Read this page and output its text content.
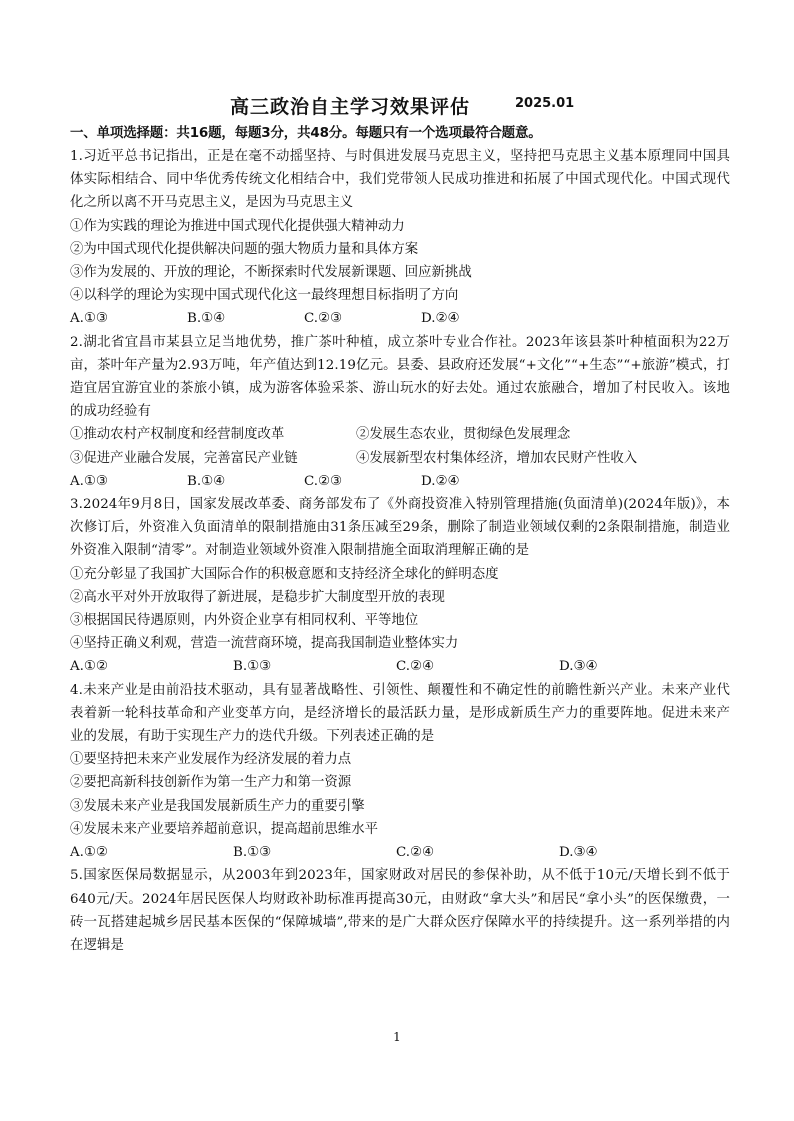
高三政治自主学习效果评估	2025.01
一、单项选择题：共16题，每题3分，共48分。每题只有一个选项最符合题意。
1.习近平总书记指出，正是在毫不动摇坚持、与时俱进发展马克思主义，坚持把马克思主义基本原理同中国具体实际相结合、同中华优秀传统文化相结合中，我们党带领人民成功推进和拓展了中国式现代化。中国式现代化之所以离不开马克思主义，是因为马克思主义
①作为实践的理论为推进中国式现代化提供强大精神动力
②为中国式现代化提供解决问题的强大物质力量和具体方案
③作为发展的、开放的理论，不断探索时代发展新课题、回应新挑战
④以科学的理论为实现中国式现代化这一最终理想目标指明了方向
A.①③	B.①④	C.②③	D.②④
2.湖北省宜昌市某县立足当地优势，推广茶叶种植，成立茶叶专业合作社。2023年该县茶叶种植面积为22万亩，茶叶年产量为2.93万吨，年产值达到12.19亿元。县委、县政府还发展“+文化”“+生态”“+旅游”模式，打造宜居宜游宜业的茶旅小镇，成为游客体验采茶、游山玩水的好去处。通过农旅融合，增加了村民收入。该地的成功经验有
①推动农村产权制度和经营制度改革	②发展生态农业，贯彻绿色发展理念
③促进产业融合发展，完善富民产业链	④发展新型农村集体经济，增加农民财产性收入
A.①③	B.①④	C.②③	D.②④
3.2024年9月8日，国家发展改革委、商务部发布了《外商投资准入特别管理措施(负面清单)(2024年版)》，本次修订后，外资准入负面清单的限制措施由31条压减至29条，删除了制造业领域仅剩的2条限制措施，制造业外资准入限制“清零”。对制造业领域外资准入限制措施全面取消理解正确的是
①充分彰显了我国扩大国际合作的积极意愿和支持经济全球化的鲜明态度
②高水平对外开放取得了新进展，是稳步扩大制度型开放的表现
③根据国民待遇原则，内外资企业享有相同权利、平等地位
④坚持正确义利观，营造一流营商环境，提高我国制造业整体实力
A.①②	B.①③	C.②④	D.③④
4.未来产业是由前沿技术驱动，具有显著战略性、引领性、颠覆性和不确定性的前瞻性新兴产业。未来产业代表着新一轮科技革命和产业变革方向，是经济增长的最活跃力量，是形成新质生产力的重要阵地。促进未来产业的发展，有助于实现生产力的迭代升级。下列表述正确的是
①要坚持把未来产业发展作为经济发展的着力点
②要把高新科技创新作为第一生产力和第一资源
③发展未来产业是我国发展新质生产力的重要引擎
④发展未来产业要培养超前意识，提高超前思维水平
A.①②	B.①③	C.②④	D.③④
5.国家医保局数据显示，从2003年到2023年，国家财政对居民的参保补助，从不低于10元/天增长到不低于640元/天。2024年居民医保人均财政补助标准再提高30元，由财政“拿大头”和居民“拿小头”的医保缴费，一砖一瓦搭建起城乡居民基本医保的“保障城墙”,带来的是广大群众医疗保障水平的持续提升。这一系列举措的内在逻辑是
1
